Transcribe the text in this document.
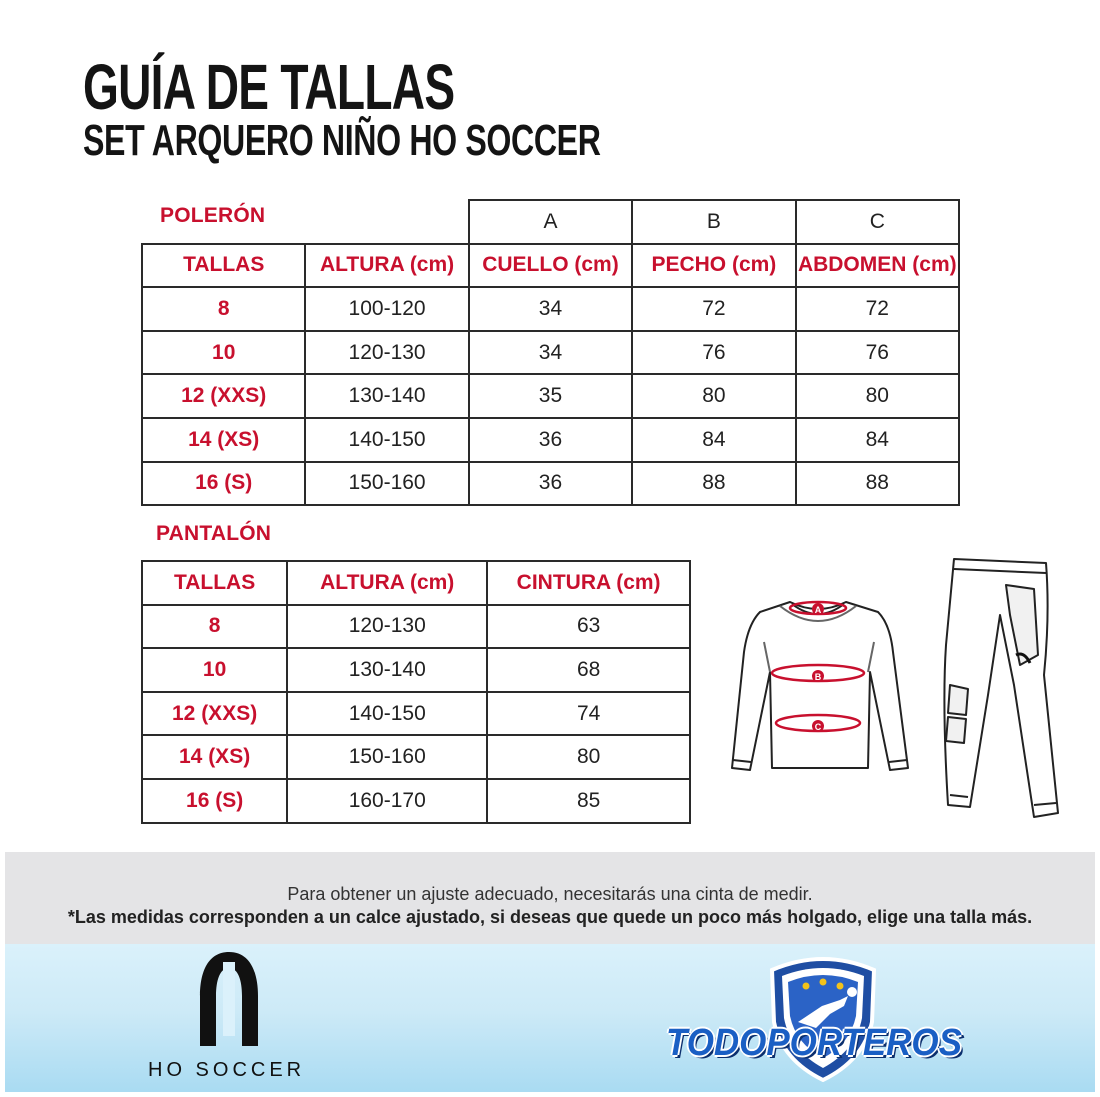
GUÍA DE TALLAS
SET ARQUERO NIÑO HO SOCCER
POLERÓN
			A	B	C
TALLAS	ALTURA (cm)	CUELLO (cm)	PECHO (cm)	ABDOMEN (cm)
8	100-120	34	72	72
10	120-130	34	76	76
12 (XXS)	130-140	35	80	80
14 (XS)	140-150	36	84	84
16 (S)	150-160	36	88	88
PANTALÓN
TALLAS	ALTURA (cm)	CINTURA (cm)
8	120-130	63
10	130-140	68
12 (XXS)	140-150	74
14 (XS)	150-160	80
16 (S)	160-170	85
A
B
C
Para obtener un ajuste adecuado, necesitarás una cinta de medir.
*Las medidas corresponden a un calce ajustado, si deseas que quede un poco más holgado, elige una talla más.
HO SOCCER
TODOPORTEROS
